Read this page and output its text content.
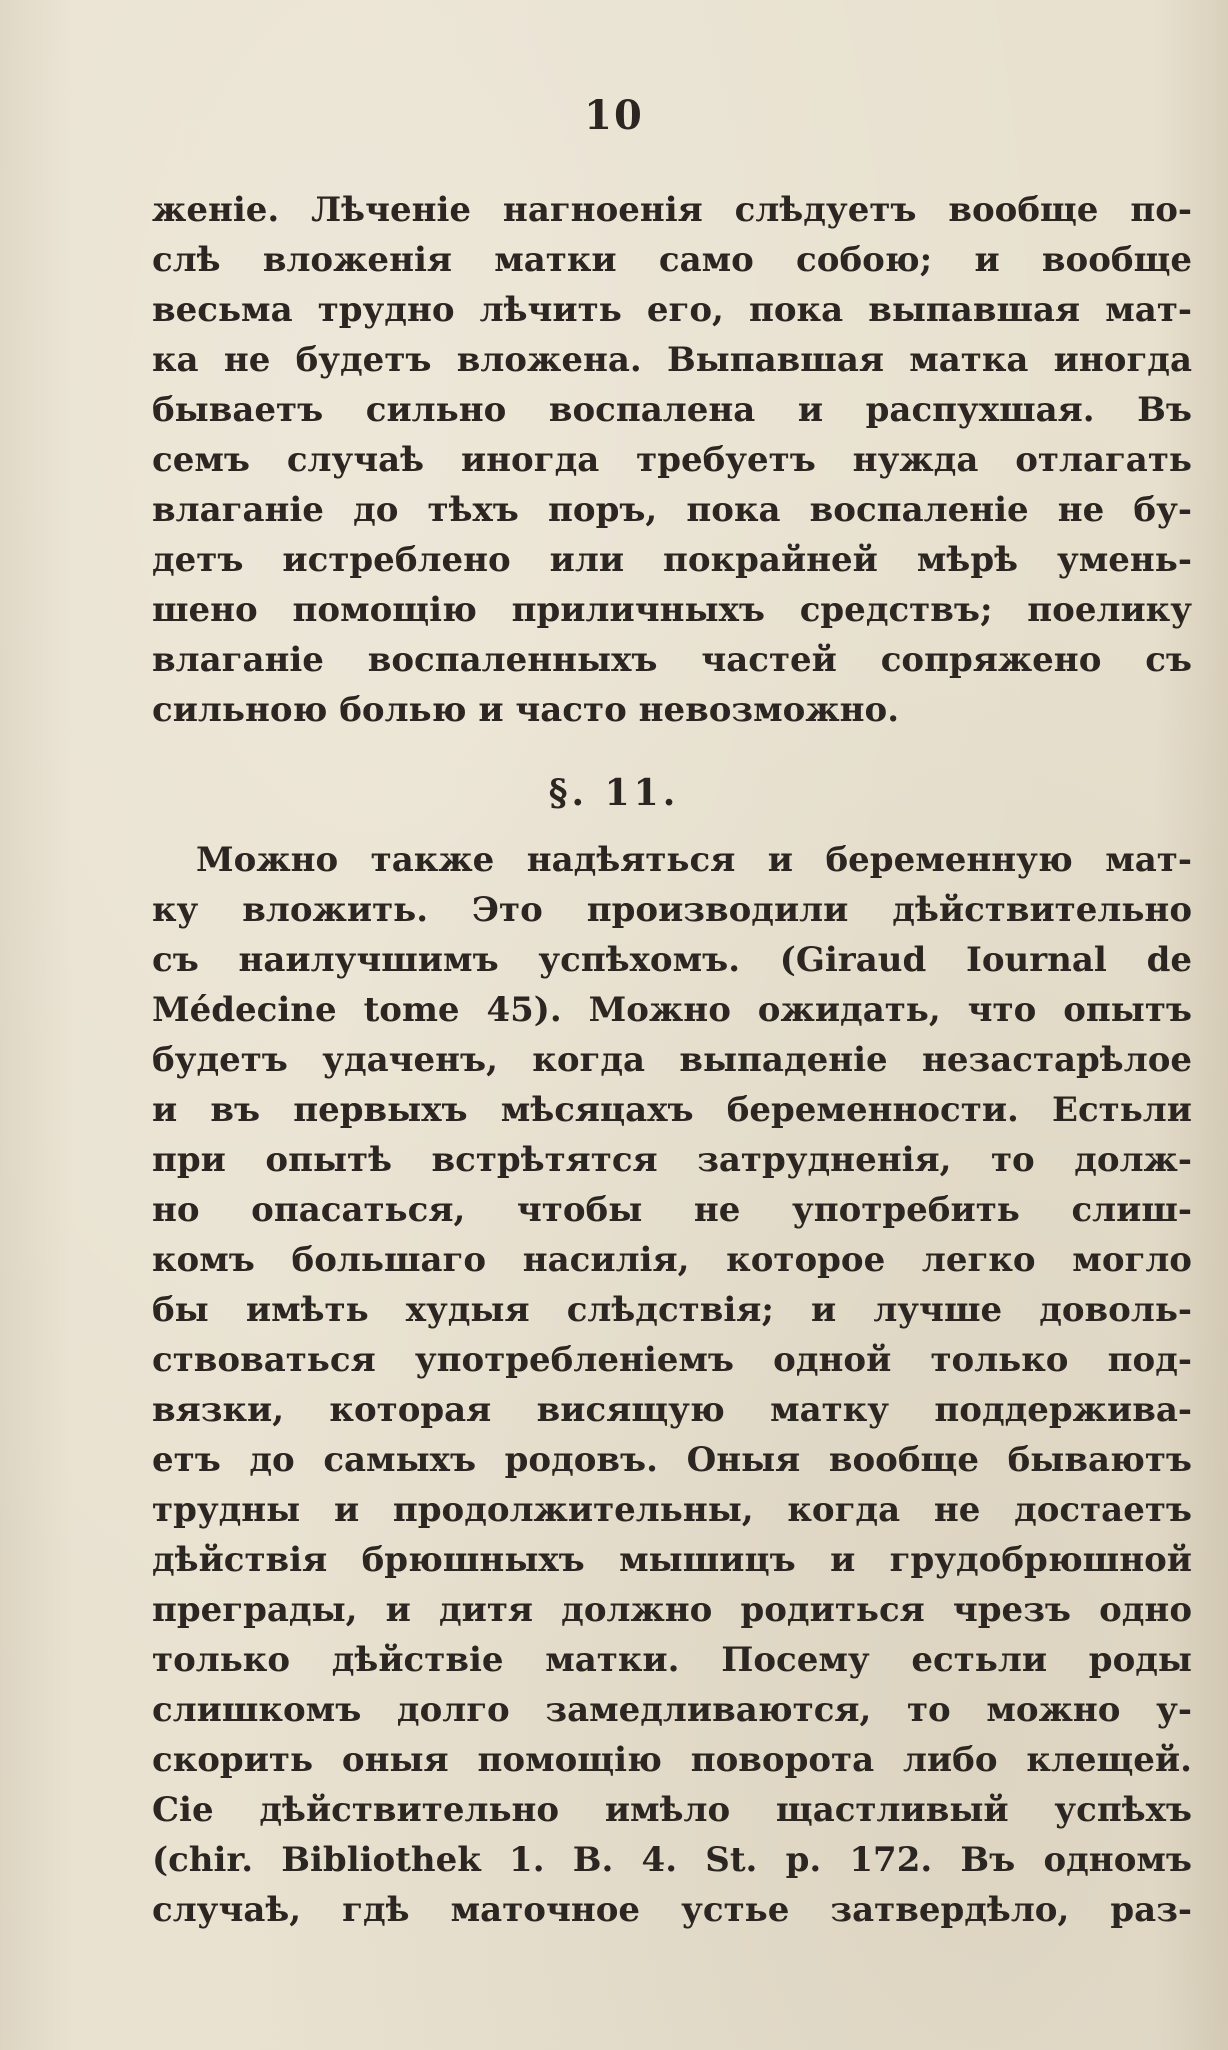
10
женіе. Лѣченіе нагноенія слѣдуетъ вообще по-
слѣ вложенія матки само собою; и вообще
весьма трудно лѣчить его, пока выпавшая мат-
ка не будетъ вложена. Выпавшая матка иногда
бываетъ сильно воспалена и распухшая. Въ
семъ случаѣ иногда требуетъ нужда отлагать
влаганіе до тѣхъ поръ, пока воспаленіе не бу-
детъ истреблено или покрайней мѣрѣ умень-
шено помощію приличныхъ средствъ; поелику
влаганіе воспаленныхъ частей сопряжено съ
сильною болью и часто невозможно.
§. 11.
Можно также надѣяться и беременную мат-
ку вложить. Это производили дѣйствительно
съ наилучшимъ успѣхомъ. (Giraud Iournal de
Médecine tome 45). Можно ожидать, что опытъ
будетъ удаченъ, когда выпаденіе незастарѣлое
и въ первыхъ мѣсяцахъ беременности. Естьли
при опытѣ встрѣтятся затрудненія, то долж-
но опасаться, чтобы не употребить слиш-
комъ большаго насилія, которое легко могло
бы имѣть худыя слѣдствія; и лучше доволь-
ствоваться употребленіемъ одной только под-
вязки, которая висящую матку поддержива-
етъ до самыхъ родовъ. Оныя вообще бываютъ
трудны и продолжительны, когда не достаетъ
дѣйствія брюшныхъ мышицъ и грудобрюшной
преграды, и дитя должно родиться чрезъ одно
только дѣйствіе матки. Посему естьли роды
слишкомъ долго замедливаются, то можно у-
скорить оныя помощію поворота либо клещей.
Сіе дѣйствительно имѣло щастливый успѣхъ
(chir. Bibliothek 1. B. 4. St. p. 172. Въ одномъ
случаѣ, гдѣ маточное устье затвердѣло, раз-
